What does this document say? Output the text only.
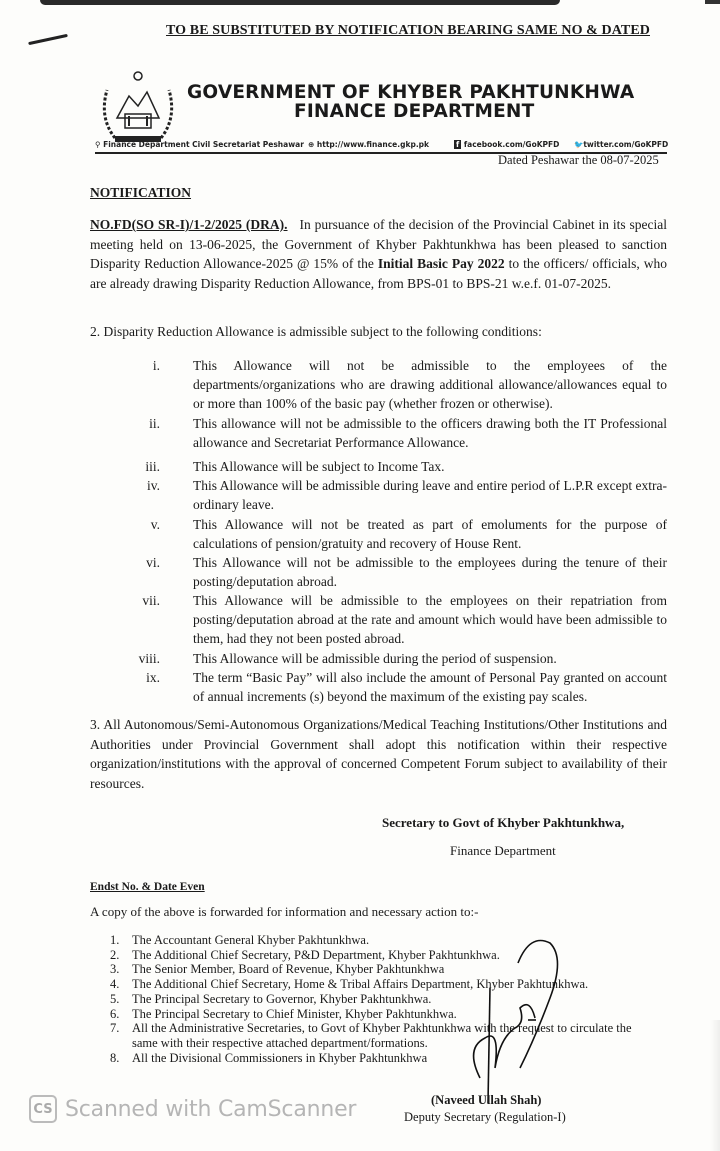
TO BE SUBSTITUTED BY NOTIFICATION BEARING SAME NO & DATED
GOVERNMENT OF KHYBER PAKHTUNKHWA
FINANCE DEPARTMENT
⚲ Finance Department Civil Secretariat Peshawar ⊕ http://www.finance.gkp.pk	f facebook.com/GoKPFD 🐦twitter.com/GoKPFD
Dated Peshawar the 08-07-2025
NOTIFICATION
NO.FD(SO SR-I)/1-2/2025 (DRA). In pursuance of the decision of the Provincial Cabinet in its special meeting held on 13-06-2025, the Government of Khyber Pakhtunkhwa has been pleased to sanction Disparity Reduction Allowance-2025 @ 15% of the Initial Basic Pay 2022 to the officers/ officials, who are already drawing Disparity Reduction Allowance, from BPS-01 to BPS-21 w.e.f. 01-07-2025.
2. Disparity Reduction Allowance is admissible subject to the following conditions:
i. This Allowance will not be admissible to the employees of the departments/organizations who are drawing additional allowance/allowances equal to or more than 100% of the basic pay (whether frozen or otherwise).
ii. This allowance will not be admissible to the officers drawing both the IT Professional allowance and Secretariat Performance Allowance.
iii. This Allowance will be subject to Income Tax.
iv. This Allowance will be admissible during leave and entire period of L.P.R except extra-ordinary leave.
v. This Allowance will not be treated as part of emoluments for the purpose of calculations of pension/gratuity and recovery of House Rent.
vi. This Allowance will not be admissible to the employees during the tenure of their posting/deputation abroad.
vii. This Allowance will be admissible to the employees on their repatriation from posting/deputation abroad at the rate and amount which would have been admissible to them, had they not been posted abroad.
viii. This Allowance will be admissible during the period of suspension.
ix. The term “Basic Pay” will also include the amount of Personal Pay granted on account of annual increments (s) beyond the maximum of the existing pay scales.
3. All Autonomous/Semi-Autonomous Organizations/Medical Teaching Institutions/Other Institutions and Authorities under Provincial Government shall adopt this notification within their respective organization/institutions with the approval of concerned Competent Forum subject to availability of their resources.
Secretary to Govt of Khyber Pakhtunkhwa,
Finance Department
Endst No. & Date Even
A copy of the above is forwarded for information and necessary action to:-
1.	The Accountant General Khyber Pakhtunkhwa.
2.	The Additional Chief Secretary, P&D Department, Khyber Pakhtunkhwa.
3.	The Senior Member, Board of Revenue, Khyber Pakhtunkhwa
4.	The Additional Chief Secretary, Home & Tribal Affairs Department, Khyber Pakhtunkhwa.
5.	The Principal Secretary to Governor, Khyber Pakhtunkhwa.
6.	The Principal Secretary to Chief Minister, Khyber Pakhtunkhwa.
7.	All the Administrative Secretaries, to Govt of Khyber Pakhtunkhwa with the request to circulate the
same with their respective attached department/formations.
8.	All the Divisional Commissioners in Khyber Pakhtunkhwa
(Naveed Ullah Shah)
Deputy Secretary (Regulation-I)
CS Scanned with CamScanner
